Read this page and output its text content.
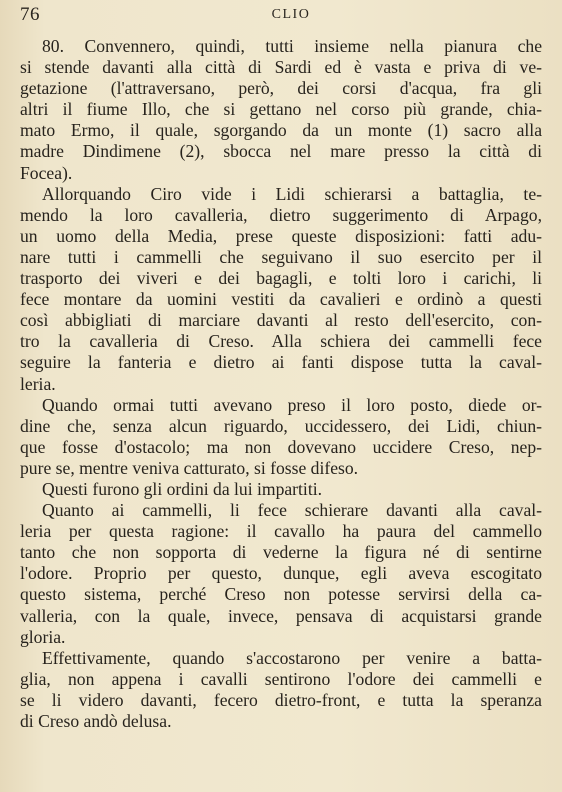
76	CLIO
80. Convennero, quindi, tutti insieme nella pianura che
si stende davanti alla città di Sardi ed è vasta e priva di ve-
getazione (l'attraversano, però, dei corsi d'acqua, fra gli
altri il fiume Illo, che si gettano nel corso più grande, chia-
mato Ermo, il quale, sgorgando da un monte (1) sacro alla
madre Dindimene (2), sbocca nel mare presso la città di
Focea).
Allorquando Ciro vide i Lidi schierarsi a battaglia, te-
mendo la loro cavalleria, dietro suggerimento di Arpago,
un uomo della Media, prese queste disposizioni: fatti adu-
nare tutti i cammelli che seguivano il suo esercito per il
trasporto dei viveri e dei bagagli, e tolti loro i carichi, li
fece montare da uomini vestiti da cavalieri e ordinò a questi
così abbigliati di marciare davanti al resto dell'esercito, con-
tro la cavalleria di Creso. Alla schiera dei cammelli fece
seguire la fanteria e dietro ai fanti dispose tutta la caval-
leria.
Quando ormai tutti avevano preso il loro posto, diede or-
dine che, senza alcun riguardo, uccidessero, dei Lidi, chiun-
que fosse d'ostacolo; ma non dovevano uccidere Creso, nep-
pure se, mentre veniva catturato, si fosse difeso.
Questi furono gli ordini da lui impartiti.
Quanto ai cammelli, li fece schierare davanti alla caval-
leria per questa ragione: il cavallo ha paura del cammello
tanto che non sopporta di vederne la figura né di sentirne
l'odore. Proprio per questo, dunque, egli aveva escogitato
questo sistema, perché Creso non potesse servirsi della ca-
valleria, con la quale, invece, pensava di acquistarsi grande
gloria.
Effettivamente, quando s'accostarono per venire a batta-
glia, non appena i cavalli sentirono l'odore dei cammelli e
se li videro davanti, fecero dietro-front, e tutta la speranza
di Creso andò delusa.
